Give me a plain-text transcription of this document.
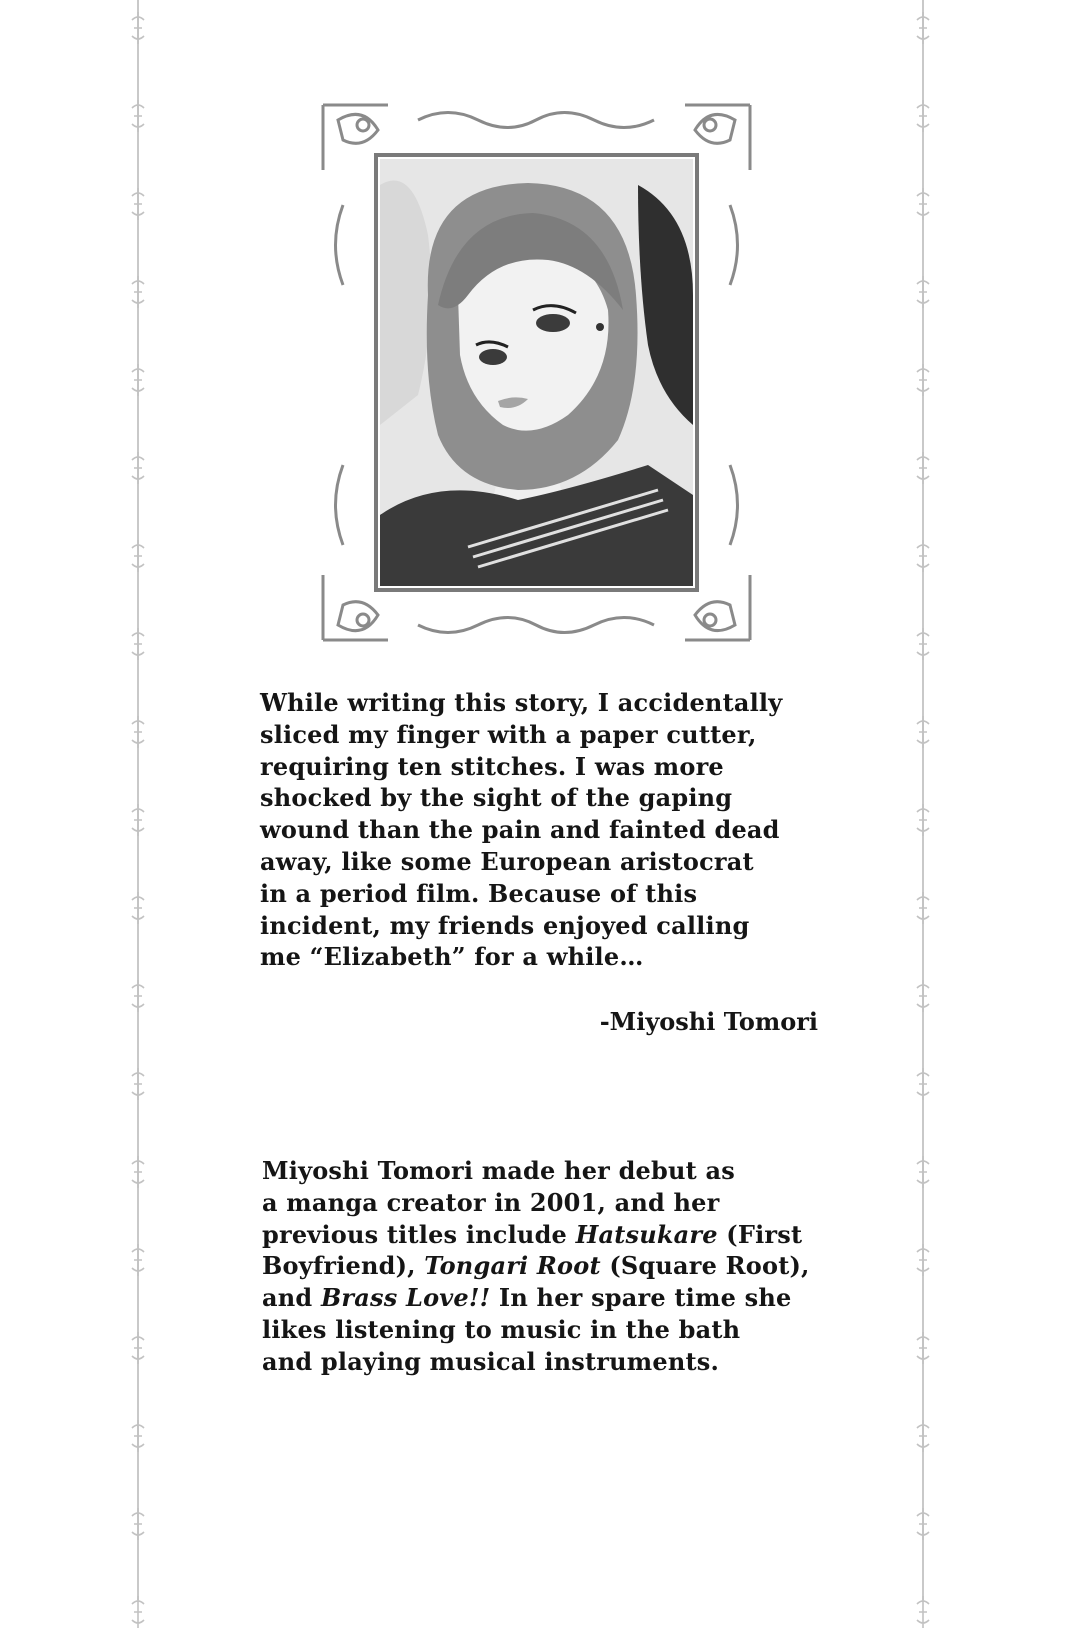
While writing this story, I accidentally
sliced my finger with a paper cutter,
requiring ten stitches. I was more
shocked by the sight of the gaping
wound than the pain and fainted dead
away, like some European aristocrat
in a period film. Because of this
incident, my friends enjoyed calling
me “Elizabeth” for a while…
-Miyoshi Tomori
Miyoshi Tomori made her debut as
a manga creator in 2001, and her
previous titles include Hatsukare (First
Boyfriend), Tongari Root (Square Root),
and Brass Love!! In her spare time she
likes listening to music in the bath
and playing musical instruments.
